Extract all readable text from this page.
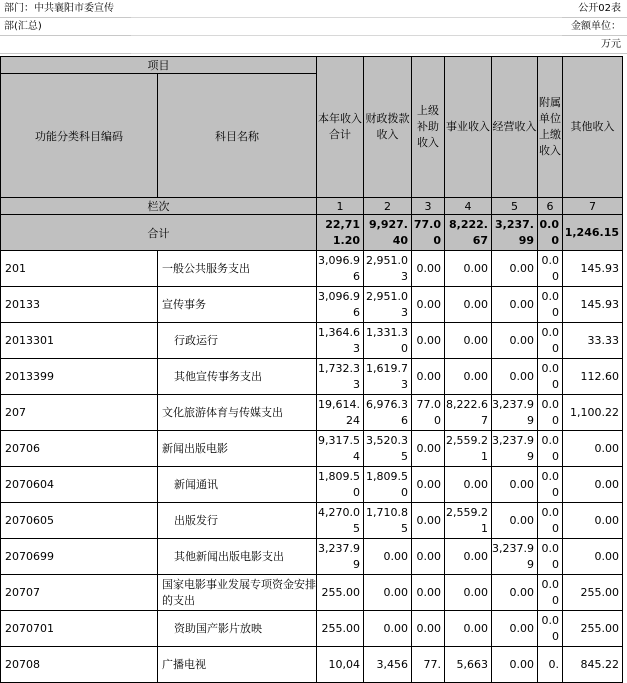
部门：中共襄阳市委宣传
部(汇总)
公开02表
金额单位：
万元
项目		本年收入合计	财政拨款收入	上级补助收入	事业收入	经营收入	附属单位上缴收入	其他收入
功能分类科目编码	科目名称							
栏次		1	2	3	4	5	6	7
合计		22,711.20	9,927.40	77.00	8,222.67	3,237.99	0.00	1,246.15
201	一般公共服务支出	3,096.96	2,951.03	0.00	0.00	0.00	0.00	145.93
20133	宣传事务	3,096.96	2,951.03	0.00	0.00	0.00	0.00	145.93
2013301	行政运行	1,364.63	1,331.30	0.00	0.00	0.00	0.00	33.33
2013399	其他宣传事务支出	1,732.33	1,619.73	0.00	0.00	0.00	0.00	112.60
207	文化旅游体育与传媒支出	19,614.24	6,976.36	77.00	8,222.67	3,237.99	0.00	1,100.22
20706	新闻出版电影	9,317.54	3,520.35	0.00	2,559.21	3,237.99	0.00	0.00
2070604	新闻通讯	1,809.50	1,809.50	0.00	0.00	0.00	0.00	0.00
2070605	出版发行	4,270.05	1,710.85	0.00	2,559.21	0.00	0.00	0.00
2070699	其他新闻出版电影支出	3,237.99	0.00	0.00	0.00	3,237.99	0.00	0.00
20707	国家电影事业发展专项资金安排的支出	255.00	0.00	0.00	0.00	0.00	0.00	255.00
2070701	资助国产影片放映	255.00	0.00	0.00	0.00	0.00	0.00	255.00
20708	广播电视	10,04	3,456	77.	5,663	0.00	0.	845.22
